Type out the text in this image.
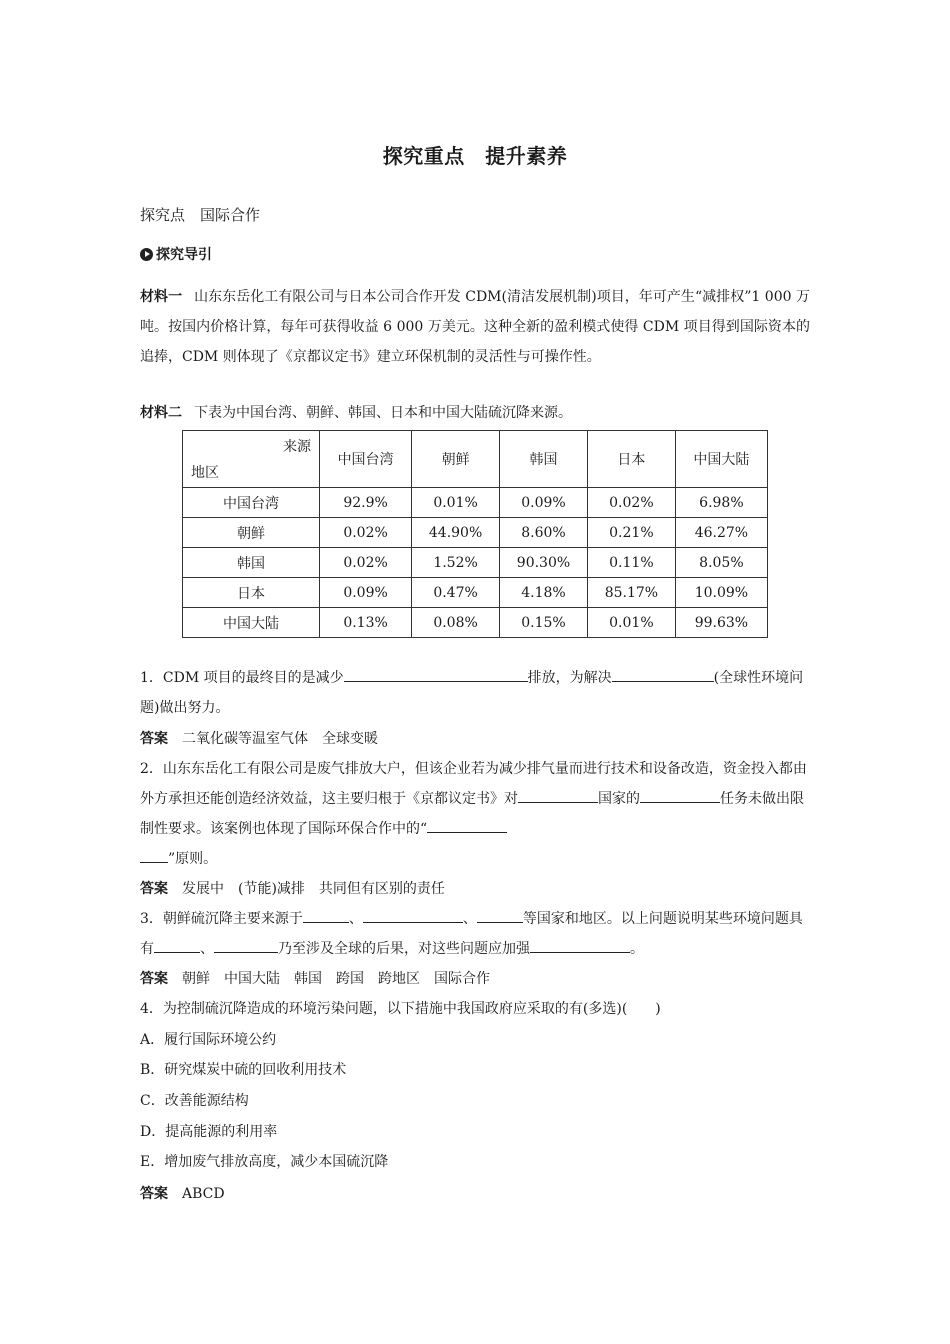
探究重点　提升素养
探究点　国际合作
探究导引
材料一 山东东岳化工有限公司与日本公司合作开发 CDM(清洁发展机制)项目，年可产生“减排权”1 000 万吨。按国内价格计算，每年可获得收益 6 000 万美元。这种全新的盈利模式使得 CDM 项目得到国际资本的追捧，CDM 则体现了《京都议定书》建立环保机制的灵活性与可操作性。
材料二 下表为中国台湾、朝鲜、韩国、日本和中国大陆硫沉降来源。
来源
地区	中国台湾	朝鲜	韩国	日本	中国大陆
中国台湾	92.9%	0.01%	0.09%	0.02%	6.98%
朝鲜	0.02%	44.90%	8.60%	0.21%	46.27%
韩国	0.02%	1.52%	90.30%	0.11%	8.05%
日本	0.09%	0.47%	4.18%	85.17%	10.09%
中国大陆	0.13%	0.08%	0.15%	0.01%	99.63%
1．CDM 项目的最终目的是减少	排放，为解决	(全球性环境问题)做出努力。
答案 二氧化碳等温室气体　全球变暖
2．山东东岳化工有限公司是废气排放大户，但该企业若为减少排气量而进行技术和设备改造，资金投入都由外方承担还能创造经济效益，这主要归根于《京都议定书》对	国家的	任务未做出限制性要求。该案例也体现了国际环保合作中的“
”原则。
答案 发展中　(节能)减排　共同但有区别的责任
3．朝鲜硫沉降主要来源于	、	、	等国家和地区。以上问题说明某些环境问题具有	、	乃至涉及全球的后果，对这些问题应加强	。
答案 朝鲜　中国大陆　韩国　跨国　跨地区　国际合作
4．为控制硫沉降造成的环境污染问题，以下措施中我国政府应采取的有(多选)(　　)
A．履行国际环境公约
B．研究煤炭中硫的回收利用技术
C．改善能源结构
D．提高能源的利用率
E．增加废气排放高度，减少本国硫沉降
答案 ABCD
